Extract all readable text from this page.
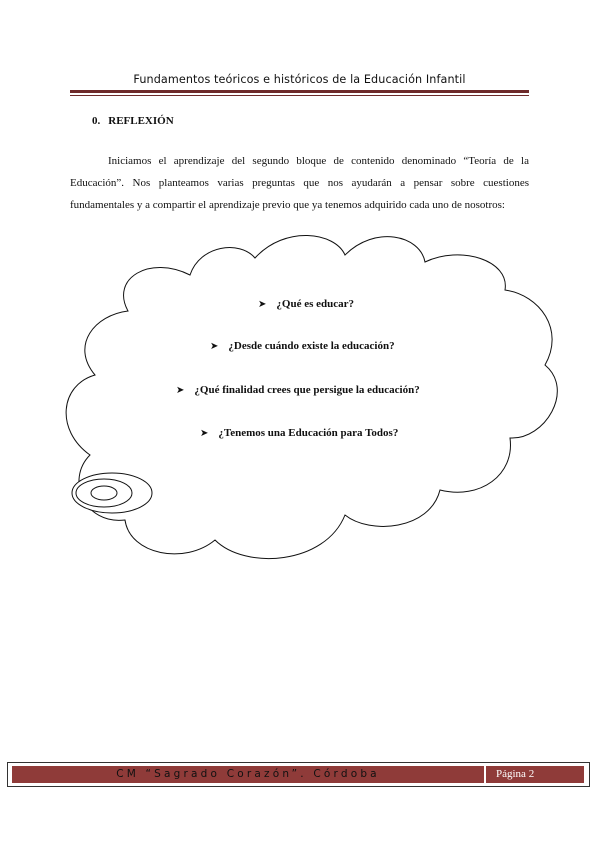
Fundamentos teóricos e históricos de la Educación Infantil
0. REFLEXIÓN
Iniciamos el aprendizaje del segundo bloque de contenido denominado “Teoría de la Educación”. Nos planteamos varias preguntas que nos ayudarán a pensar sobre cuestiones fundamentales y a compartir el aprendizaje previo que ya tenemos adquirido cada uno de nosotros:
➤ ¿Qué es educar?
➤ ¿Desde cuándo existe la educación?
➤ ¿Qué finalidad crees que persigue la educación?
➤ ¿Tenemos una Educación para Todos?
CM “Sagrado Corazón”. Córdoba	Página 2
